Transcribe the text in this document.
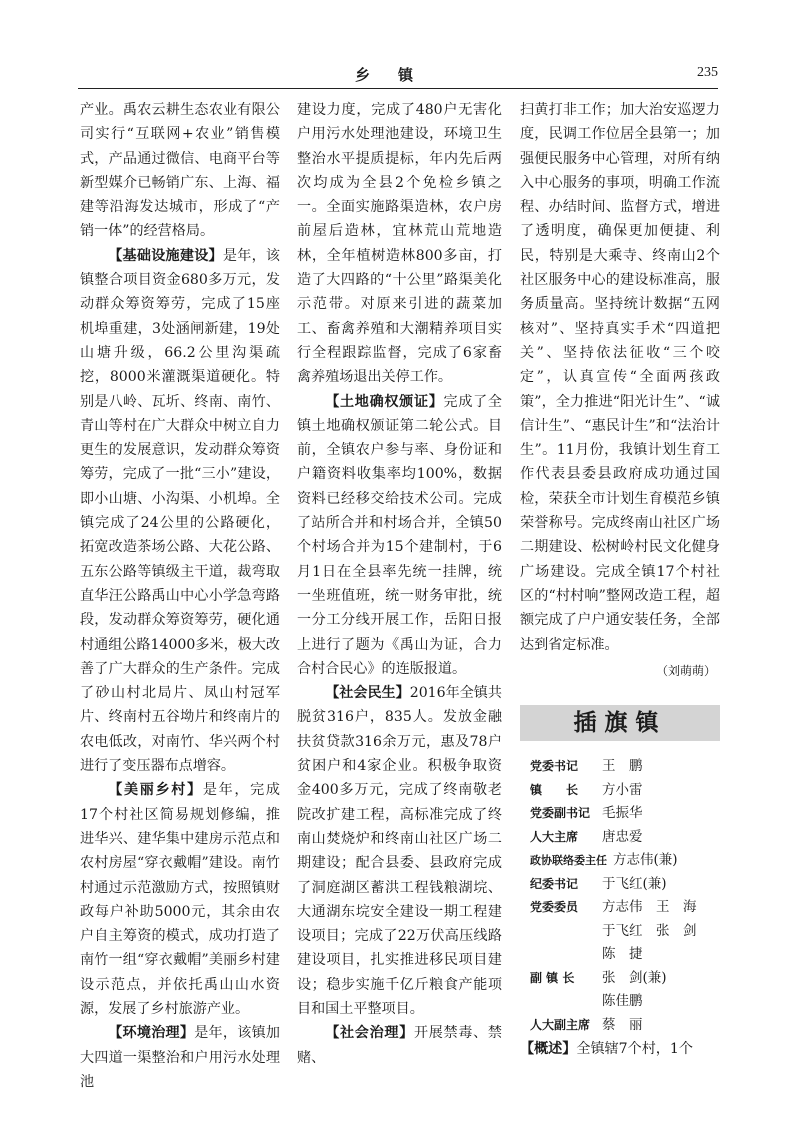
乡镇	235

产业。禹农云耕生态农业有限公司实行“互联网+农业”销售模式，产品通过微信、电商平台等新型媒介已畅销广东、上海、福建等沿海发达城市，形成了“产销一体”的经营格局。

【基础设施建设】是年，该镇整合项目资金680多万元，发动群众筹资筹劳，完成了15座机埠重建，3处涵闸新建，19处山塘升级，66.2公里沟渠疏挖，8000米灌溉渠道硬化。特别是八岭、瓦圻、终南、南竹、青山等村在广大群众中树立自力更生的发展意识，发动群众筹资筹劳，完成了一批“三小”建设，即小山塘、小沟渠、小机埠。全镇完成了24公里的公路硬化，拓宽改造茶场公路、大花公路、五东公路等镇级主干道，裁弯取直华汪公路禹山中心小学急弯路段，发动群众筹资筹劳，硬化通村通组公路14000多米，极大改善了广大群众的生产条件。完成了砂山村北局片、凤山村冠军片、终南村五谷坳片和终南片的农电低改，对南竹、华兴两个村进行了变压器布点增容。

【美丽乡村】是年，完成17个村社区简易规划修编，推进华兴、建华集中建房示范点和农村房屋“穿衣戴帽”建设。南竹村通过示范激励方式，按照镇财政每户补助5000元，其余由农户自主筹资的模式，成功打造了南竹一组“穿衣戴帽”美丽乡村建设示范点，并依托禹山山水资源，发展了乡村旅游产业。

【环境治理】是年，该镇加大四道一渠整治和户用污水处理池

建设力度，完成了480户无害化户用污水处理池建设，环境卫生整治水平提质提标，年内先后两次均成为全县2个免检乡镇之一。全面实施路渠造林，农户房前屋后造林，宜林荒山荒地造林，全年植树造林800多亩，打造了大四路的“十公里”路渠美化示范带。对原来引进的蔬菜加工、畜禽养殖和大潮精养项目实行全程跟踪监督，完成了6家畜禽养殖场退出关停工作。

【土地确权颁证】完成了全镇土地确权颁证第二轮公式。目前，全镇农户参与率、身份证和户籍资料收集率均100%，数据资料已经移交给技术公司。完成了站所合并和村场合并，全镇50个村场合并为15个建制村，于6月1日在全县率先统一挂牌，统一坐班值班，统一财务审批，统一分工分线开展工作，岳阳日报上进行了题为《禹山为证，合力合村合民心》的连版报道。

【社会民生】2016年全镇共脱贫316户，835人。发放金融扶贫贷款316余万元，惠及78户贫困户和4家企业。积极争取资金400多万元，完成了终南敬老院改扩建工程，高标准完成了终南山焚烧炉和终南山社区广场二期建设；配合县委、县政府完成了洞庭湖区蓄洪工程钱粮湖垸、大通湖东垸安全建设一期工程建设项目；完成了22万伏高压线路建设项目，扎实推进移民项目建设；稳步实施千亿斤粮食产能项目和国土平整项目。

【社会治理】开展禁毒、禁赌、

扫黄打非工作；加大治安巡逻力度，民调工作位居全县第一；加强便民服务中心管理，对所有纳入中心服务的事项，明确工作流程、办结时间、监督方式，增进了透明度，确保更加便捷、利民，特别是大乘寺、终南山2个社区服务中心的建设标准高，服务质量高。坚持统计数据“五网核对”、坚持真实手术“四道把关”、坚持依法征收“三个咬定”，认真宣传“全面两孩政策”，全力推进“阳光计生”、“诚信计生”、“惠民计生”和“法治计生”。11月份，我镇计划生育工作代表县委县政府成功通过国检，荣获全市计划生育模范乡镇荣誉称号。完成终南山社区广场二期建设、松树岭村民文化健身广场建设。完成全镇17个村社区的“村村响”整网改造工程，超额完成了户户通安装任务，全部达到省定标准。

（刘萌萌）
插旗镇
党委书记	王　鹏
镇　　长	方小雷
党委副书记 毛振华
人大主席	唐忠爱
政协联络委主任 方志伟(兼)
纪委书记	于飞红(兼)
党委委员	方志伟　王　海
于飞红　张　剑
陈　捷
副 镇 长	张　剑(兼)
陈佳鹏
人大副主席 蔡　丽

【概述】全镇辖7个村，1个
